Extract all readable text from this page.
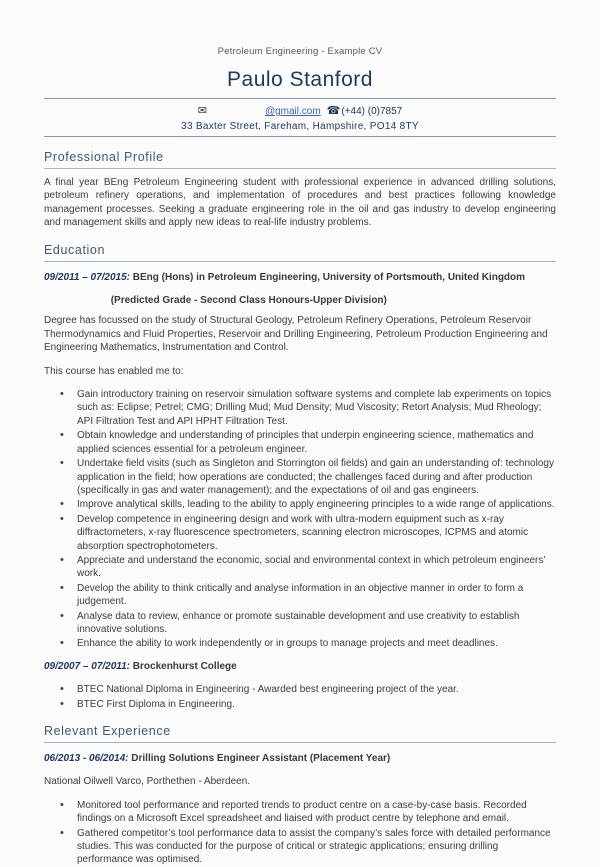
Petroleum Engineering - Example CV
Paulo Stanford
✉	@gmail.com ☎ (+44) (0)7857
33 Baxter Street, Fareham, Hampshire, PO14 8TY
Professional Profile

A final year BEng Petroleum Engineering student with professional experience in advanced drilling solutions, petroleum refinery operations, and implementation of procedures and best practices following knowledge management processes. Seeking a graduate engineering role in the oil and gas industry to develop engineering and management skills and apply new ideas to real-life industry problems.

Education

09/2011 – 07/2015: BEng (Hons) in Petroleum Engineering, University of Portsmouth, United Kingdom

(Predicted Grade - Second Class Honours-Upper Division)

Degree has focussed on the study of Structural Geology, Petroleum Refinery Operations, Petroleum Reservoir Thermodynamics and Fluid Properties, Reservoir and Drilling Engineering, Petroleum Production Engineering and Engineering Mathematics, Instrumentation and Control.

This course has enabled me to:

• Gain introductory training on reservoir simulation software systems and complete lab experiments on topics such as: Eclipse; Petrel; CMG; Drilling Mud; Mud Density; Mud Viscosity; Retort Analysis; Mud Rheology; API Filtration Test and API HPHT Filtration Test.
• Obtain knowledge and understanding of principles that underpin engineering science, mathematics and applied sciences essential for a petroleum engineer.
• Undertake field visits (such as Singleton and Storrington oil fields) and gain an understanding of: technology application in the field; how operations are conducted; the challenges faced during and after production (specifically in gas and water management); and the expectations of oil and gas engineers.
• Improve analytical skills, leading to the ability to apply engineering principles to a wide range of applications.
• Develop competence in engineering design and work with ultra-modern equipment such as x-ray diffractometers, x-ray fluorescence spectrometers, scanning electron microscopes, ICPMS and atomic absorption spectrophotometers.
• Appreciate and understand the economic, social and environmental context in which petroleum engineers’ work.
• Develop the ability to think critically and analyse information in an objective manner in order to form a judgement.
• Analyse data to review, enhance or promote sustainable development and use creativity to establish innovative solutions.
• Enhance the ability to work independently or in groups to manage projects and meet deadlines.

09/2007 – 07/2011: Brockenhurst College

• BTEC National Diploma in Engineering - Awarded best engineering project of the year.
• BTEC First Diploma in Engineering.
Relevant Experience

06/2013 - 06/2014: Drilling Solutions Engineer Assistant (Placement Year)

National Oilwell Varco, Porthethen - Aberdeen.

• Monitored tool performance and reported trends to product centre on a case-by-case basis. Recorded findings on a Microsoft Excel spreadsheet and liaised with product centre by telephone and email.
• Gathered competitor’s tool performance data to assist the company’s sales force with detailed performance studies. This was conducted for the purpose of critical or strategic applications; ensuring drilling performance was optimised.
